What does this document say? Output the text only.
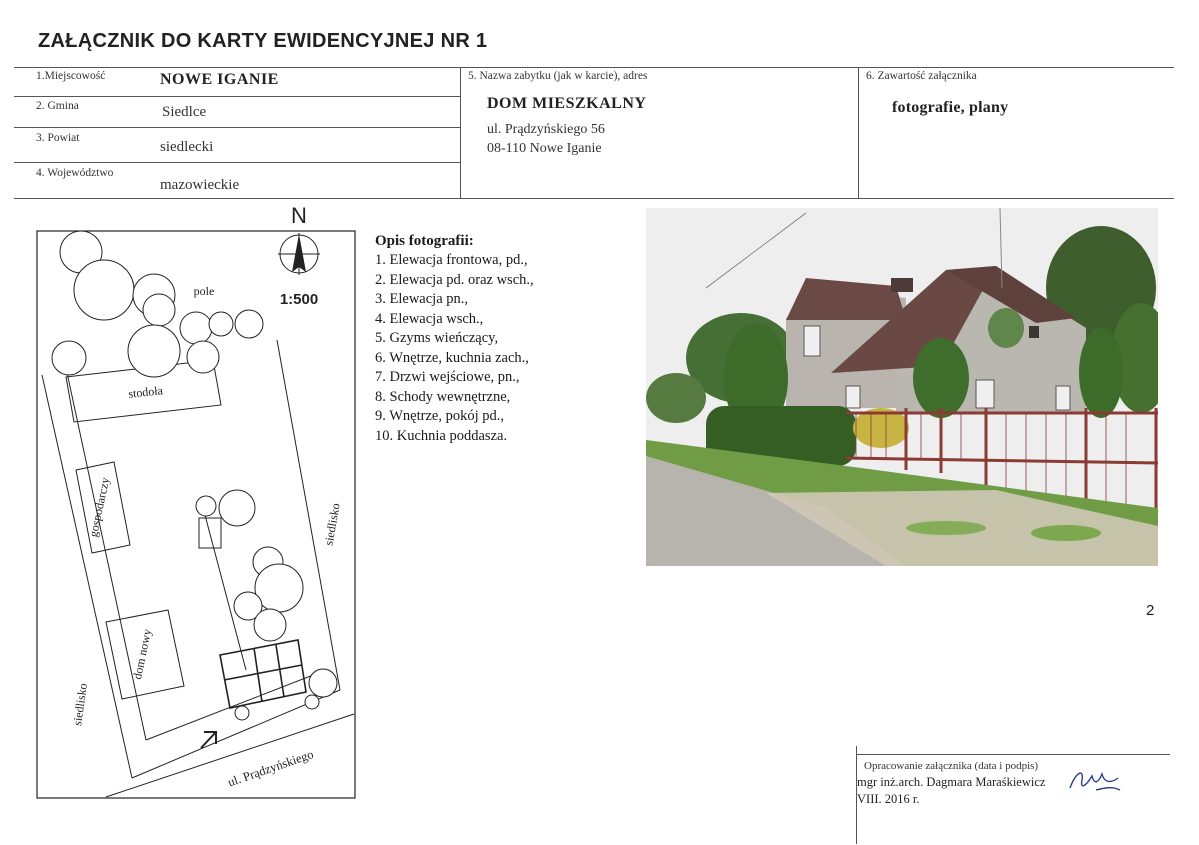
ZAŁĄCZNIK DO KARTY EWIDENCYJNEJ NR 1
1.Miejscowość	NOWE IGANIE
2. Gmina	Siedlce
3. Powiat
siedlecki
4. Województwo
mazowieckie
5. Nazwa zabytku (jak w karcie), adres
DOM MIESZKALNY
ul. Prądzyńskiego 56
08-110 Nowe Iganie
6. Zawartość załącznika
fotografie, plany
N
1:500
stodoła
gospodarczy
dom nowy
pole
siedlisko
siedlisko
ul. Prądzyńskiego
Opis fotografii:
1. Elewacja frontowa, pd.,
2. Elewacja pd. oraz wsch.,
3. Elewacja pn.,
4. Elewacja wsch.,
5. Gzyms wieńczący,
6. Wnętrze, kuchnia zach.,
7. Drzwi wejściowe, pn.,
8. Schody wewnętrzne,
9. Wnętrze, pokój pd.,
10. Kuchnia poddasza.
2
Opracowanie załącznika (data i podpis)
mgr inż.arch. Dagmara Maraśkiewicz
VIII. 2016 r.
